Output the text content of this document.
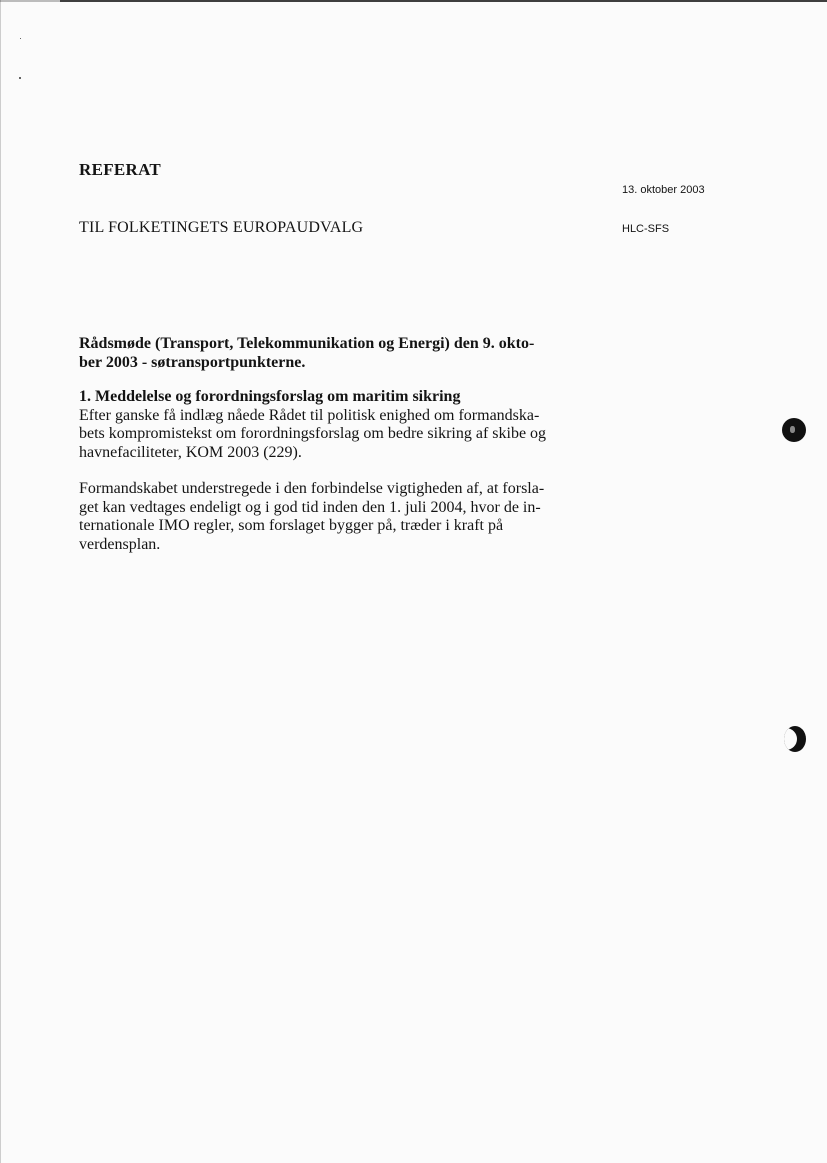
REFERAT
13. oktober 2003
TIL FOLKETINGETS EUROPAUDVALG	HLC-SFS

Rådsmøde (Transport, Telekommunikation og Energi) den 9. okto-
ber 2003 - søtransportpunkterne.

1. Meddelelse og forordningsforslag om maritim sikring

Efter ganske få indlæg nåede Rådet til politisk enighed om formandska-
bets kompromistekst om forordningsforslag om bedre sikring af skibe og
havnefaciliteter, KOM 2003 (229).

Formandskabet understregede i den forbindelse vigtigheden af, at forsla-
get kan vedtages endeligt og i god tid inden den 1. juli 2004, hvor de in-
ternationale IMO regler, som forslaget bygger på, træder i kraft på
verdensplan.
